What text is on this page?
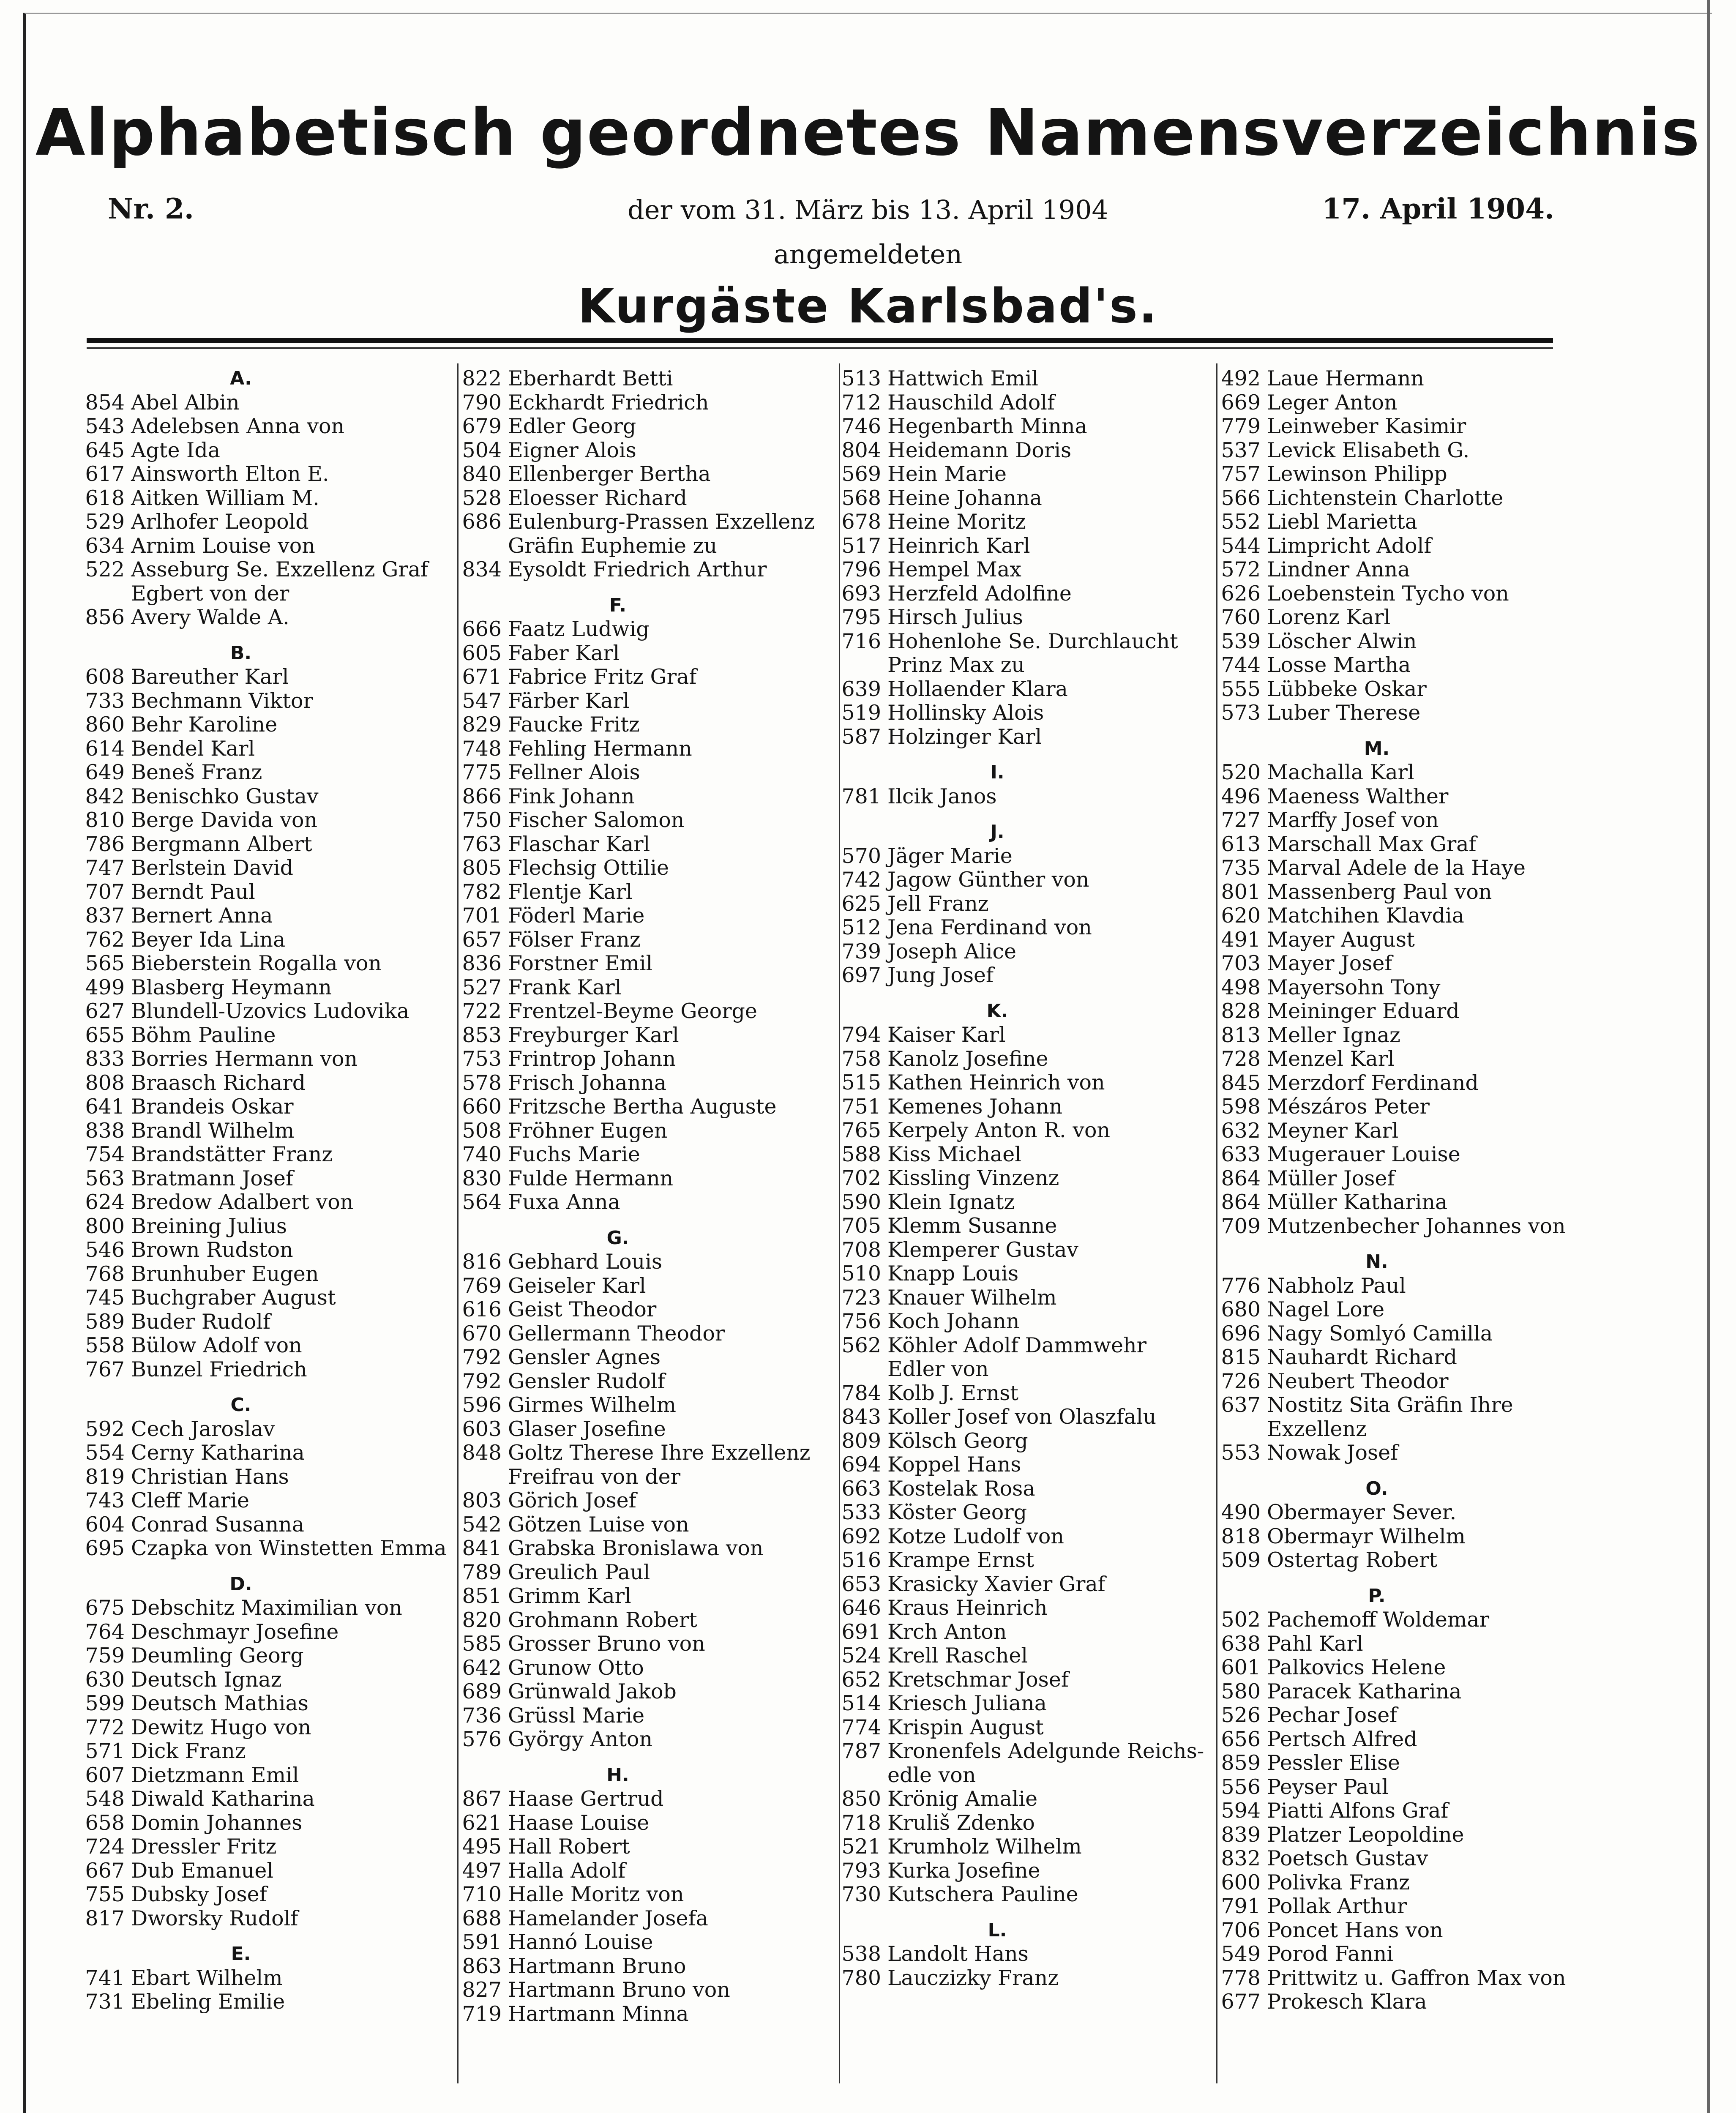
Alphabetisch geordnetes Namensverzeichnis
Nr. 2.	der vom 31. März bis 13. April 1904	17. April 1904.
angemeldeten
Kurgäste Karlsbad's.
A.
854 Abel Albin
543 Adelebsen Anna von
645 Agte Ida
617 Ainsworth Elton E.
618 Aitken William M.
529 Arlhofer Leopold
634 Arnim Louise von
522 Asseburg Se. Exzellenz Graf
Egbert von der
856 Avery Walde A.
B.
608 Bareuther Karl
733 Bechmann Viktor
860 Behr Karoline
614 Bendel Karl
649 Beneš Franz
842 Benischko Gustav
810 Berge Davida von
786 Bergmann Albert
747 Berlstein David
707 Berndt Paul
837 Bernert Anna
762 Beyer Ida Lina
565 Bieberstein Rogalla von
499 Blasberg Heymann
627 Blundell-Uzovics Ludovika
655 Böhm Pauline
833 Borries Hermann von
808 Braasch Richard
641 Brandeis Oskar
838 Brandl Wilhelm
754 Brandstätter Franz
563 Bratmann Josef
624 Bredow Adalbert von
800 Breining Julius
546 Brown Rudston
768 Brunhuber Eugen
745 Buchgraber August
589 Buder Rudolf
558 Bülow Adolf von
767 Bunzel Friedrich
C.
592 Cech Jaroslav
554 Cerny Katharina
819 Christian Hans
743 Cleff Marie
604 Conrad Susanna
695 Czapka von Winstetten Emma
D.
675 Debschitz Maximilian von
764 Deschmayr Josefine
759 Deumling Georg
630 Deutsch Ignaz
599 Deutsch Mathias
772 Dewitz Hugo von
571 Dick Franz
607 Dietzmann Emil
548 Diwald Katharina
658 Domin Johannes
724 Dressler Fritz
667 Dub Emanuel
755 Dubsky Josef
817 Dworsky Rudolf
E.
741 Ebart Wilhelm
731 Ebeling Emilie
822 Eberhardt Betti
790 Eckhardt Friedrich
679 Edler Georg
504 Eigner Alois
840 Ellenberger Bertha
528 Eloesser Richard
686 Eulenburg-Prassen Exzellenz
Gräfin Euphemie zu
834 Eysoldt Friedrich Arthur
F.
666 Faatz Ludwig
605 Faber Karl
671 Fabrice Fritz Graf
547 Färber Karl
829 Faucke Fritz
748 Fehling Hermann
775 Fellner Alois
866 Fink Johann
750 Fischer Salomon
763 Flaschar Karl
805 Flechsig Ottilie
782 Flentje Karl
701 Föderl Marie
657 Fölser Franz
836 Forstner Emil
527 Frank Karl
722 Frentzel-Beyme George
853 Freyburger Karl
753 Frintrop Johann
578 Frisch Johanna
660 Fritzsche Bertha Auguste
508 Fröhner Eugen
740 Fuchs Marie
830 Fulde Hermann
564 Fuxa Anna
G.
816 Gebhard Louis
769 Geiseler Karl
616 Geist Theodor
670 Gellermann Theodor
792 Gensler Agnes
792 Gensler Rudolf
596 Girmes Wilhelm
603 Glaser Josefine
848 Goltz Therese Ihre Exzellenz
Freifrau von der
803 Görich Josef
542 Götzen Luise von
841 Grabska Bronislawa von
789 Greulich Paul
851 Grimm Karl
820 Grohmann Robert
585 Grosser Bruno von
642 Grunow Otto
689 Grünwald Jakob
736 Grüssl Marie
576 György Anton
H.
867 Haase Gertrud
621 Haase Louise
495 Hall Robert
497 Halla Adolf
710 Halle Moritz von
688 Hamelander Josefa
591 Hannó Louise
863 Hartmann Bruno
827 Hartmann Bruno von
719 Hartmann Minna
513 Hattwich Emil
712 Hauschild Adolf
746 Hegenbarth Minna
804 Heidemann Doris
569 Hein Marie
568 Heine Johanna
678 Heine Moritz
517 Heinrich Karl
796 Hempel Max
693 Herzfeld Adolfine
795 Hirsch Julius
716 Hohenlohe Se. Durchlaucht
Prinz Max zu
639 Hollaender Klara
519 Hollinsky Alois
587 Holzinger Karl
I.
781 Ilcik Janos
J.
570 Jäger Marie
742 Jagow Günther von
625 Jell Franz
512 Jena Ferdinand von
739 Joseph Alice
697 Jung Josef
K.
794 Kaiser Karl
758 Kanolz Josefine
515 Kathen Heinrich von
751 Kemenes Johann
765 Kerpely Anton R. von
588 Kiss Michael
702 Kissling Vinzenz
590 Klein Ignatz
705 Klemm Susanne
708 Klemperer Gustav
510 Knapp Louis
723 Knauer Wilhelm
756 Koch Johann
562 Köhler Adolf Dammwehr
Edler von
784 Kolb J. Ernst
843 Koller Josef von Olaszfalu
809 Kölsch Georg
694 Koppel Hans
663 Kostelak Rosa
533 Köster Georg
692 Kotze Ludolf von
516 Krampe Ernst
653 Krasicky Xavier Graf
646 Kraus Heinrich
691 Krch Anton
524 Krell Raschel
652 Kretschmar Josef
514 Kriesch Juliana
774 Krispin August
787 Kronenfels Adelgunde Reichs-
edle von
850 Krönig Amalie
718 Kruliš Zdenko
521 Krumholz Wilhelm
793 Kurka Josefine
730 Kutschera Pauline
L.
538 Landolt Hans
780 Lauczizky Franz
492 Laue Hermann
669 Leger Anton
779 Leinweber Kasimir
537 Levick Elisabeth G.
757 Lewinson Philipp
566 Lichtenstein Charlotte
552 Liebl Marietta
544 Limpricht Adolf
572 Lindner Anna
626 Loebenstein Tycho von
760 Lorenz Karl
539 Löscher Alwin
744 Losse Martha
555 Lübbeke Oskar
573 Luber Therese
M.
520 Machalla Karl
496 Maeness Walther
727 Marffy Josef von
613 Marschall Max Graf
735 Marval Adele de la Haye
801 Massenberg Paul von
620 Matchihen Klavdia
491 Mayer August
703 Mayer Josef
498 Mayersohn Tony
828 Meininger Eduard
813 Meller Ignaz
728 Menzel Karl
845 Merzdorf Ferdinand
598 Mészáros Peter
632 Meyner Karl
633 Mugerauer Louise
864 Müller Josef
864 Müller Katharina
709 Mutzenbecher Johannes von
N.
776 Nabholz Paul
680 Nagel Lore
696 Nagy Somlyó Camilla
815 Nauhardt Richard
726 Neubert Theodor
637 Nostitz Sita Gräfin Ihre
Exzellenz
553 Nowak Josef
O.
490 Obermayer Sever.
818 Obermayr Wilhelm
509 Ostertag Robert
P.
502 Pachemoff Woldemar
638 Pahl Karl
601 Palkovics Helene
580 Paracek Katharina
526 Pechar Josef
656 Pertsch Alfred
859 Pessler Elise
556 Peyser Paul
594 Piatti Alfons Graf
839 Platzer Leopoldine
832 Poetsch Gustav
600 Polivka Franz
791 Pollak Arthur
706 Poncet Hans von
549 Porod Fanni
778 Prittwitz u. Gaffron Max von
677 Prokesch Klara
